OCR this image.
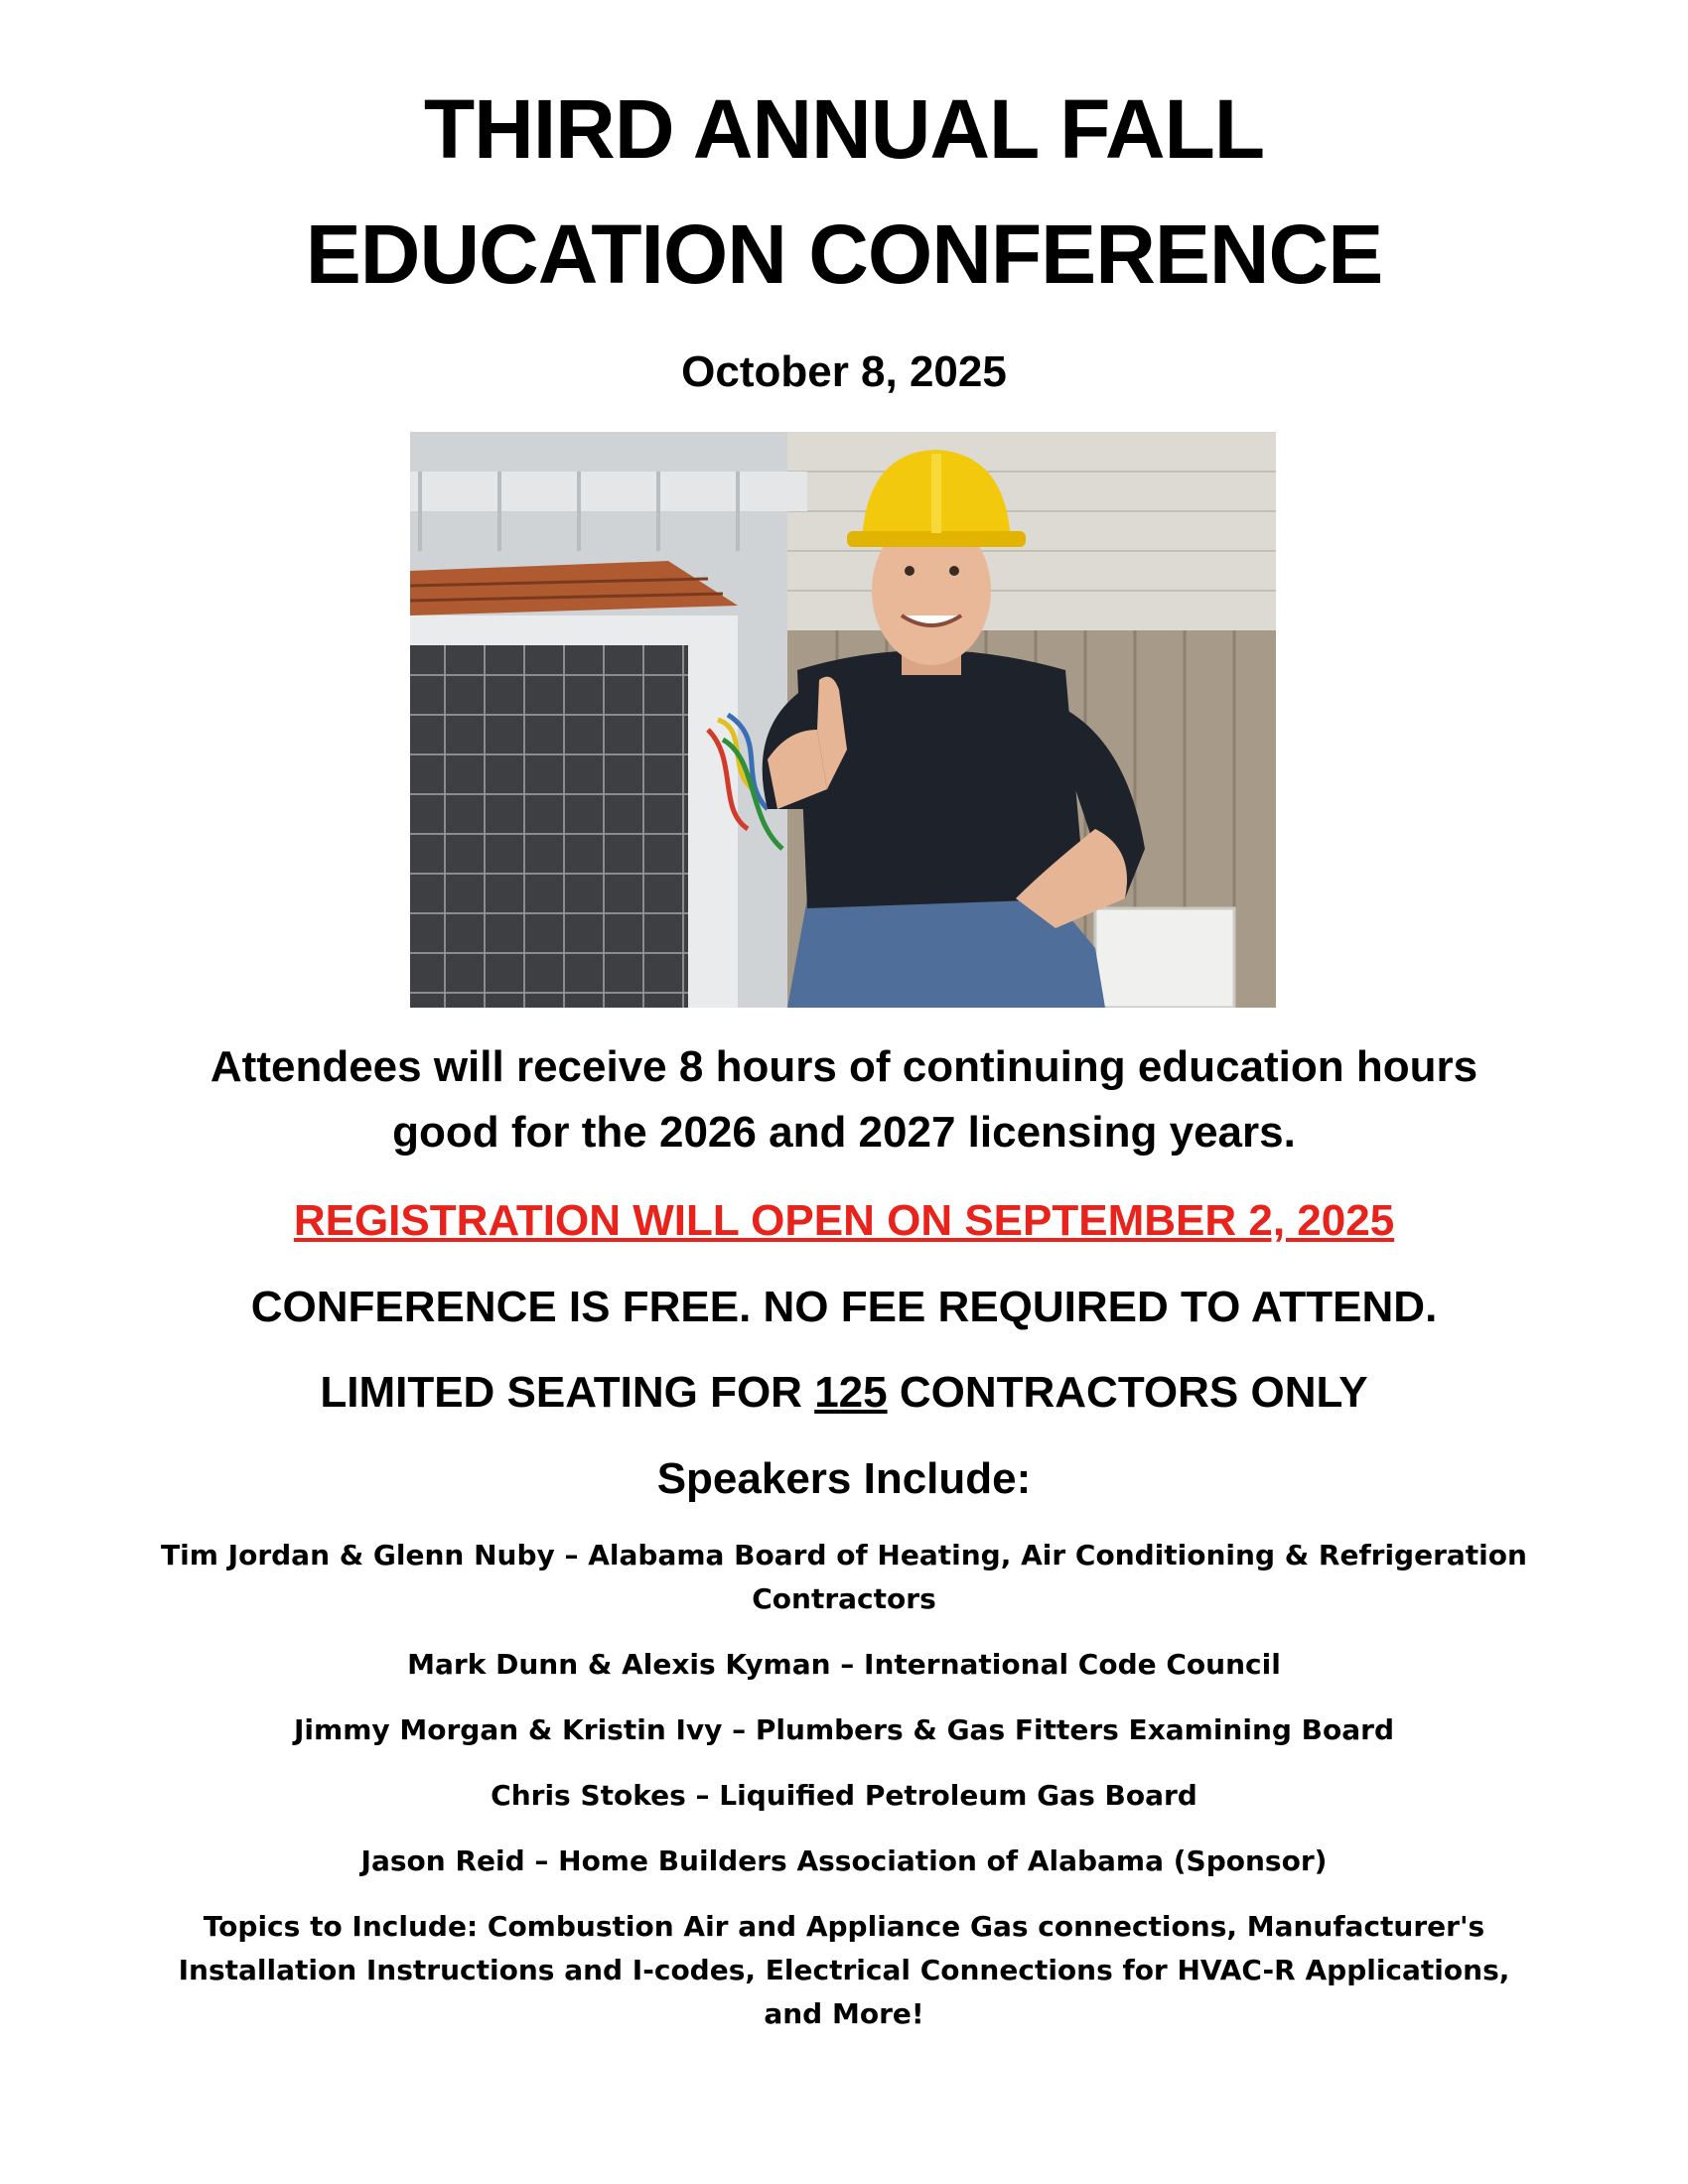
THIRD ANNUAL FALL
EDUCATION CONFERENCE
October 8, 2025
Attendees will receive 8 hours of continuing education hours
good for the 2026 and 2027 licensing years.
REGISTRATION WILL OPEN ON SEPTEMBER 2, 2025
CONFERENCE IS FREE. NO FEE REQUIRED TO ATTEND.
LIMITED SEATING FOR 125 CONTRACTORS ONLY
Speakers Include:
Tim Jordan & Glenn Nuby – Alabama Board of Heating, Air Conditioning & Refrigeration
Contractors
Mark Dunn & Alexis Kyman – International Code Council
Jimmy Morgan & Kristin Ivy – Plumbers & Gas Fitters Examining Board
Chris Stokes – Liquified Petroleum Gas Board
Jason Reid – Home Builders Association of Alabama (Sponsor)
Topics to Include: Combustion Air and Appliance Gas connections, Manufacturer's
Installation Instructions and I-codes, Electrical Connections for HVAC-R Applications,
and More!
